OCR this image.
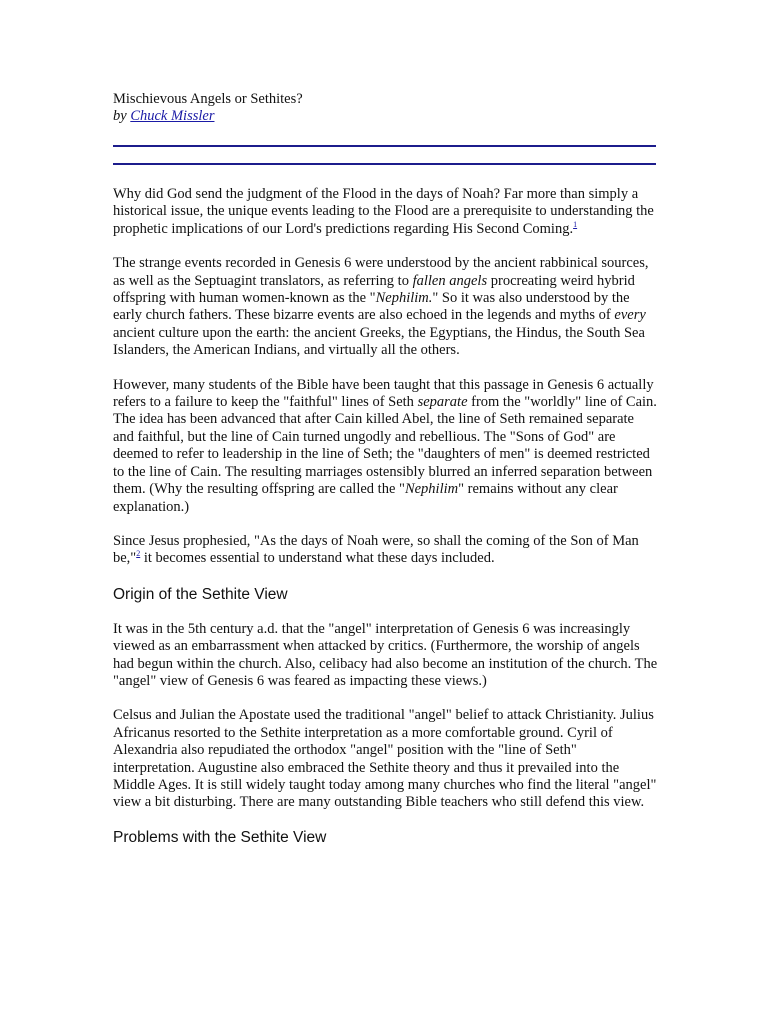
Mischievous Angels or Sethites?

by Chuck Missler

Why did God send the judgment of the Flood in the days of Noah? Far more than simply a historical issue, the unique events leading to the Flood are a prerequisite to understanding the prophetic implications of our Lord's predictions regarding His Second Coming.$^1$

The strange events recorded in Genesis 6 were understood by the ancient rabbinical sources, as well as the Septuagint translators, as referring to fallen angels procreating weird hybrid offspring with human women-known as the "Nephilim." So it was also understood by the early church fathers. These bizarre events are also echoed in the legends and myths of every ancient culture upon the earth: the ancient Greeks, the Egyptians, the Hindus, the South Sea Islanders, the American Indians, and virtually all the others.

However, many students of the Bible have been taught that this passage in Genesis 6 actually refers to a failure to keep the "faithful" lines of Seth separate from the "worldly" line of Cain. The idea has been advanced that after Cain killed Abel, the line of Seth remained separate and faithful, but the line of Cain turned ungodly and rebellious. The "Sons of God" are deemed to refer to leadership in the line of Seth; the "daughters of men" is deemed restricted to the line of Cain. The resulting marriages ostensibly blurred an inferred separation between them. (Why the resulting offspring are called the "Nephilim" remains without any clear explanation.)

Since Jesus prophesied, "As the days of Noah were, so shall the coming of the Son of Man be,"$^2$ it becomes essential to understand what these days included.

Origin of the Sethite View

It was in the 5th century a.d. that the "angel" interpretation of Genesis 6 was increasingly viewed as an embarrassment when attacked by critics. (Furthermore, the worship of angels had begun within the church. Also, celibacy had also become an institution of the church. The "angel" view of Genesis 6 was feared as impacting these views.)

Celsus and Julian the Apostate used the traditional "angel" belief to attack Christianity. Julius Africanus resorted to the Sethite interpretation as a more comfortable ground. Cyril of Alexandria also repudiated the orthodox "angel" position with the "line of Seth" interpretation. Augustine also embraced the Sethite theory and thus it prevailed into the Middle Ages. It is still widely taught today among many churches who find the literal "angel" view a bit disturbing. There are many outstanding Bible teachers who still defend this view.

Problems with the Sethite View
